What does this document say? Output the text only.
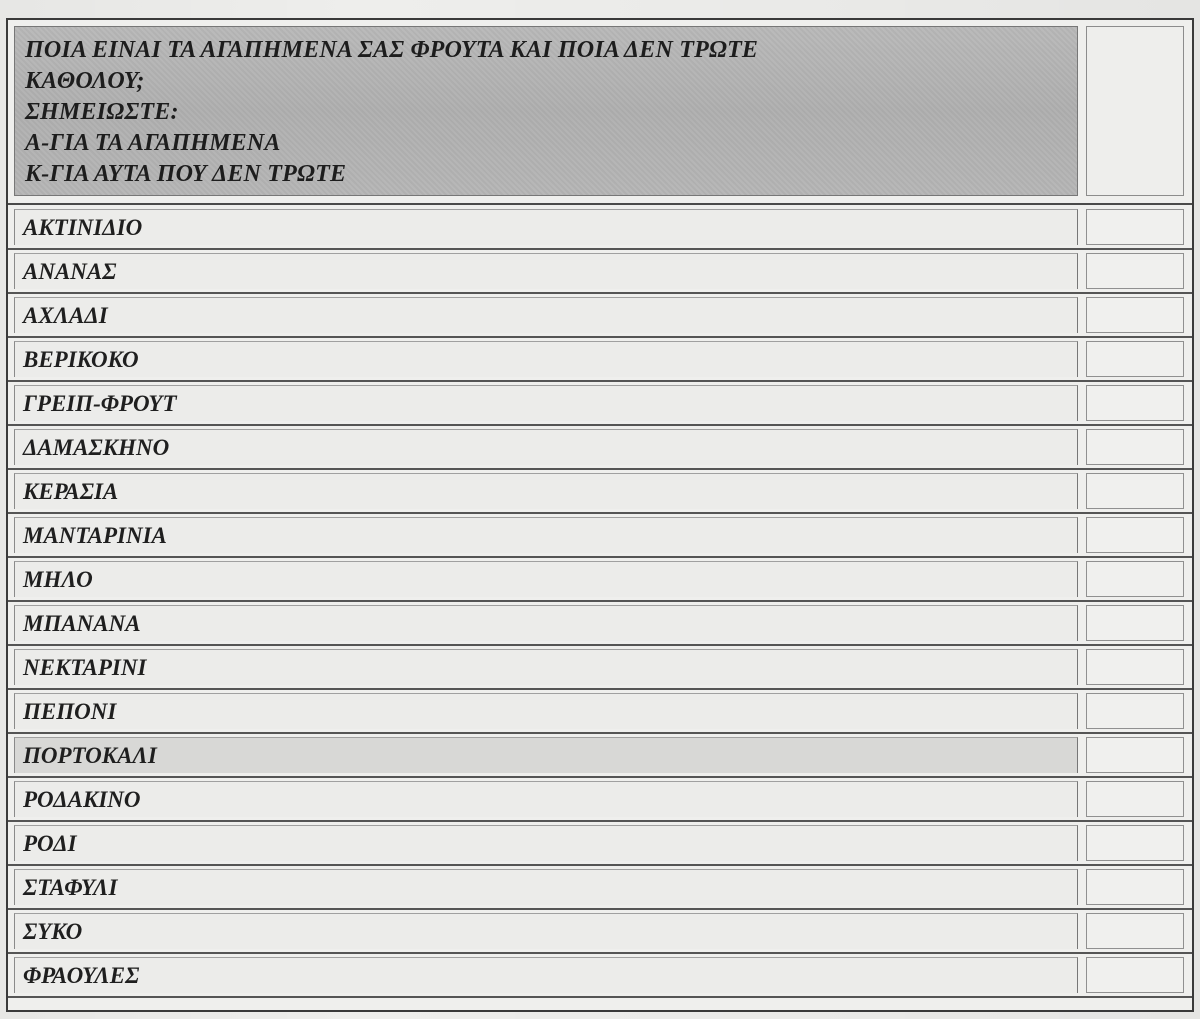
ΠΟΙΑ ΕΙΝΑΙ ΤΑ ΑΓΑΠΗΜΕΝΑ ΣΑΣ ΦΡΟΥΤΑ ΚΑΙ ΠΟΙΑ ΔΕΝ ΤΡΩΤΕ
ΚΑΘΟΛΟΥ;
ΣΗΜΕΙΩΣΤΕ:
Α-ΓΙΑ ΤΑ ΑΓΑΠΗΜΕΝΑ
Κ-ΓΙΑ ΑΥΤΑ ΠΟΥ ΔΕΝ ΤΡΩΤΕ
ΑΚΤΙΝΙΔΙΟ
ΑΝΑΝΑΣ
ΑΧΛΑΔΙ
ΒΕΡΙΚΟΚΟ
ΓΡΕΙΠ-ΦΡΟΥΤ
ΔΑΜΑΣΚΗΝΟ
ΚΕΡΑΣΙΑ
ΜΑΝΤΑΡΙΝΙΑ
ΜΗΛΟ
ΜΠΑΝΑΝΑ
ΝΕΚΤΑΡΙΝΙ
ΠΕΠΟΝΙ
ΠΟΡΤΟΚΑΛΙ
ΡΟΔΑΚΙΝΟ
ΡΟΔΙ
ΣΤΑΦΥΛΙ
ΣΥΚΟ
ΦΡΑΟΥΛΕΣ
